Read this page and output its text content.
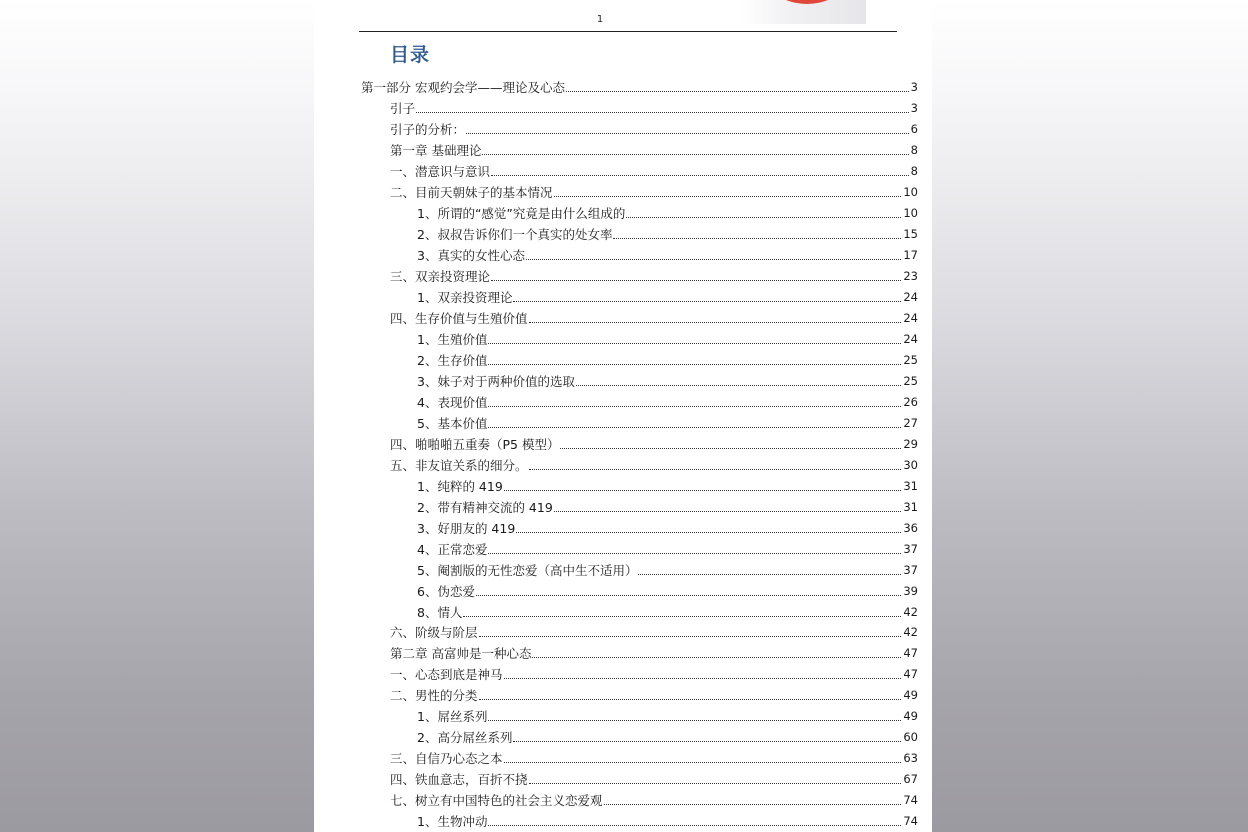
1
目录
第一部分 宏观约会学——理论及心态	3
引子	3
引子的分析：	6
第一章 基础理论	8
一、潜意识与意识	8
二、目前天朝妹子的基本情况	10
1、所谓的“感觉”究竟是由什么组成的	10
2、叔叔告诉你们一个真实的处女率	15
3、真实的女性心态	17
三、双亲投资理论	23
1、双亲投资理论	24
四、生存价值与生殖价值	24
1、生殖价值	24
2、生存价值	25
3、妹子对于两种价值的选取	25
4、表现价值	26
5、基本价值	27
四、啪啪啪五重奏（P5 模型）	29
五、非友谊关系的细分。	30
1、纯粹的 419	31
2、带有精神交流的 419	31
3、好朋友的 419	36
4、正常恋爱	37
5、阉割版的无性恋爱（高中生不适用）	37
6、伪恋爱	39
8、情人	42
六、阶级与阶层	42
第二章 高富帅是一种心态	47
一、心态到底是神马	47
二、男性的分类	49
1、屌丝系列	49
2、高分屌丝系列	60
三、自信乃心态之本	63
四、铁血意志，百折不挠	67
七、树立有中国特色的社会主义恋爱观	74
1、生物冲动	74
